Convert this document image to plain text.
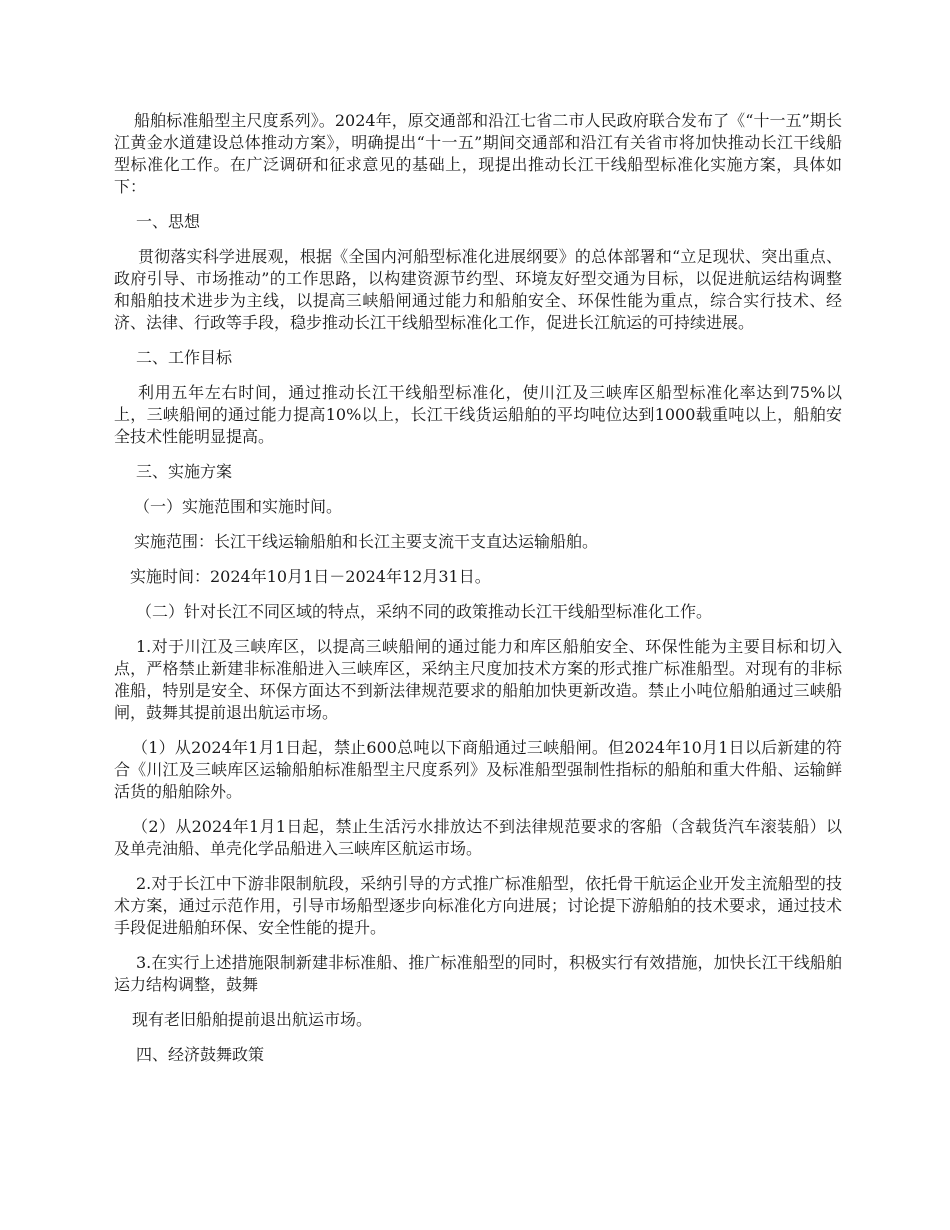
船舶标准船型主尺度系列》。2024年，原交通部和沿江七省二市人民政府联合发布了《“十一五”期长江黄金水道建设总体推动方案》，明确提出“十一五”期间交通部和沿江有关省市将加快推动长江干线船型标准化工作。在广泛调研和征求意见的基础上，现提出推动长江干线船型标准化实施方案，具体如下：

一、思想

贯彻落实科学进展观，根据《全国内河船型标准化进展纲要》的总体部署和“立足现状、突出重点、政府引导、市场推动”的工作思路，以构建资源节约型、环境友好型交通为目标，以促进航运结构调整和船舶技术进步为主线，以提高三峡船闸通过能力和船舶安全、环保性能为重点，综合实行技术、经济、法律、行政等手段，稳步推动长江干线船型标准化工作，促进长江航运的可持续进展。

二、工作目标

利用五年左右时间，通过推动长江干线船型标准化，使川江及三峡库区船型标准化率达到75%以上，三峡船闸的通过能力提高10%以上，长江干线货运船舶的平均吨位达到1000载重吨以上，船舶安全技术性能明显提高。

三、实施方案

（一）实施范围和实施时间。

实施范围：长江干线运输船舶和长江主要支流干支直达运输船舶。

实施时间：2024年10月1日－2024年12月31日。

（二）针对长江不同区域的特点，采纳不同的政策推动长江干线船型标准化工作。

1.对于川江及三峡库区，以提高三峡船闸的通过能力和库区船舶安全、环保性能为主要目标和切入点，严格禁止新建非标准船进入三峡库区，采纳主尺度加技术方案的形式推广标准船型。对现有的非标准船，特别是安全、环保方面达不到新法律规范要求的船舶加快更新改造。禁止小吨位船舶通过三峡船闸，鼓舞其提前退出航运市场。

（1）从2024年1月1日起，禁止600总吨以下商船通过三峡船闸。但2024年10月1日以后新建的符合《川江及三峡库区运输船舶标准船型主尺度系列》及标准船型强制性指标的船舶和重大件船、运输鲜活货的船舶除外。

（2）从2024年1月1日起，禁止生活污水排放达不到法律规范要求的客船（含载货汽车滚装船）以及单壳油船、单壳化学品船进入三峡库区航运市场。

2.对于长江中下游非限制航段，采纳引导的方式推广标准船型，依托骨干航运企业开发主流船型的技术方案，通过示范作用，引导市场船型逐步向标准化方向进展；讨论提下游船舶的技术要求，通过技术手段促进船舶环保、安全性能的提升。

3.在实行上述措施限制新建非标准船、推广标准船型的同时，积极实行有效措施，加快长江干线船舶运力结构调整，鼓舞

现有老旧船舶提前退出航运市场。

四、经济鼓舞政策
